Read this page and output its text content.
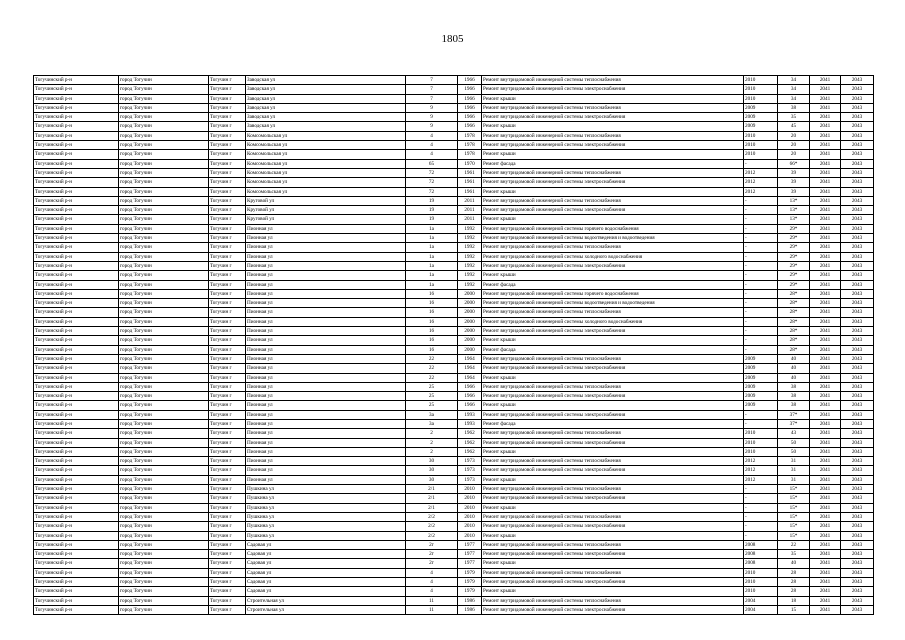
1805
Тогучинский р-н	город Тогучин	Тогучин г	Заводская ул	7	1966	Ремонт внутридомовой инженерной системы теплоснабжения	2010	34	2041	2043
Тогучинский р-н	город Тогучин	Тогучин г	Заводская ул	7	1966	Ремонт внутридомовой инженерной системы электроснабжения	2010	34	2041	2043
Тогучинский р-н	город Тогучин	Тогучин г	Заводская ул	7	1966	Ремонт крыши	2010	34	2041	2043
Тогучинский р-н	город Тогучин	Тогучин г	Заводская ул	9	1966	Ремонт внутридомовой инженерной системы теплоснабжения	2009	38	2041	2043
Тогучинский р-н	город Тогучин	Тогучин г	Заводская ул	9	1966	Ремонт внутридомовой инженерной системы электроснабжения	2009	35	2041	2043
Тогучинский р-н	город Тогучин	Тогучин г	Заводская ул	9	1966	Ремонт крыши	2009	45	2041	2043
Тогучинский р-н	город Тогучин	Тогучин г	Комсомольская ул	4	1978	Ремонт внутридомовой инженерной системы теплоснабжения	2010	20	2041	2043
Тогучинский р-н	город Тогучин	Тогучин г	Комсомольская ул	4	1978	Ремонт внутридомовой инженерной системы электроснабжения	2010	20	2041	2043
Тогучинский р-н	город Тогучин	Тогучин г	Комсомольская ул	4	1978	Ремонт крыши	2010	20	2041	2043
Тогучинский р-н	город Тогучин	Тогучин г	Комсомольская ул	65	1970	Ремонт фасада	-	66*	2041	2043
Тогучинский р-н	город Тогучин	Тогучин г	Комсомольская ул	72	1961	Ремонт внутридомовой инженерной системы теплоснабжения	2012	39	2041	2043
Тогучинский р-н	город Тогучин	Тогучин г	Комсомольская ул	72	1961	Ремонт внутридомовой инженерной системы электроснабжения	2012	39	2041	2043
Тогучинский р-н	город Тогучин	Тогучин г	Комсомольская ул	72	1961	Ремонт крыши	2012	39	2041	2043
Тогучинский р-н	город Тогучин	Тогучин г	Круговой ул	19	2011	Ремонт внутридомовой инженерной системы теплоснабжения	-	13*	2041	2043
Тогучинский р-н	город Тогучин	Тогучин г	Круговой ул	19	2011	Ремонт внутридомовой инженерной системы электроснабжения	-	13*	2041	2043
Тогучинский р-н	город Тогучин	Тогучин г	Круговой ул	19	2011	Ремонт крыши	-	13*	2041	2043
Тогучинский р-н	город Тогучин	Тогучин г	Пионная ул	1а	1992	Ремонт внутридомовой инженерной системы горячего водоснабжения	-	29*	2041	2043
Тогучинский р-н	город Тогучин	Тогучин г	Пионная ул	1а	1992	Ремонт внутридомовой инженерной системы водоотведения и водоотведения	-	29*	2041	2043
Тогучинский р-н	город Тогучин	Тогучин г	Пионная ул	1а	1992	Ремонт внутридомовой инженерной системы теплоснабжения	-	29*	2041	2043
Тогучинский р-н	город Тогучин	Тогучин г	Пионная ул	1а	1992	Ремонт внутридомовой инженерной системы холодного водоснабжения	-	29*	2041	2043
Тогучинский р-н	город Тогучин	Тогучин г	Пионная ул	1а	1992	Ремонт внутридомовой инженерной системы электроснабжения	-	29*	2041	2043
Тогучинский р-н	город Тогучин	Тогучин г	Пионная ул	1а	1992	Ремонт крыши	-	29*	2041	2043
Тогучинский р-н	город Тогучин	Тогучин г	Пионная ул	1а	1992	Ремонт фасада	-	29*	2041	2043
Тогучинский р-н	город Тогучин	Тогучин г	Пионная ул	16	2000	Ремонт внутридомовой инженерной системы горячего водоснабжения	-	28*	2041	2043
Тогучинский р-н	город Тогучин	Тогучин г	Пионная ул	16	2000	Ремонт внутридомовой инженерной системы водоотведения и водоотведения	-	28*	2041	2043
Тогучинский р-н	город Тогучин	Тогучин г	Пионная ул	16	2000	Ремонт внутридомовой инженерной системы теплоснабжения	-	28*	2041	2043
Тогучинский р-н	город Тогучин	Тогучин г	Пионная ул	16	2000	Ремонт внутридомовой инженерной системы холодного водоснабжения	-	28*	2041	2043
Тогучинский р-н	город Тогучин	Тогучин г	Пионная ул	16	2000	Ремонт внутридомовой инженерной системы электроснабжения	-	28*	2041	2043
Тогучинский р-н	город Тогучин	Тогучин г	Пионная ул	16	2000	Ремонт крыши	-	28*	2041	2043
Тогучинский р-н	город Тогучин	Тогучин г	Пионная ул	16	2000	Ремонт фасада	-	28*	2041	2043
Тогучинский р-н	город Тогучин	Тогучин г	Пионная ул	22	1964	Ремонт внутридомовой инженерной системы теплоснабжения	2009	40	2041	2043
Тогучинский р-н	город Тогучин	Тогучин г	Пионная ул	22	1964	Ремонт внутридомовой инженерной системы электроснабжения	2009	40	2041	2043
Тогучинский р-н	город Тогучин	Тогучин г	Пионная ул	22	1964	Ремонт крыши	2009	40	2041	2043
Тогучинский р-н	город Тогучин	Тогучин г	Пионная ул	25	1966	Ремонт внутридомовой инженерной системы теплоснабжения	2009	38	2041	2043
Тогучинский р-н	город Тогучин	Тогучин г	Пионная ул	25	1966	Ремонт внутридомовой инженерной системы электроснабжения	2009	38	2041	2043
Тогучинский р-н	город Тогучин	Тогучин г	Пионная ул	25	1966	Ремонт крыши	2009	38	2041	2043
Тогучинский р-н	город Тогучин	Тогучин г	Пионная ул	3а	1993	Ремонт внутридомовой инженерной системы электроснабжения	-	37*	2041	2043
Тогучинский р-н	город Тогучин	Тогучин г	Пионная ул	3а	1993	Ремонт фасада	-	37*	2041	2043
Тогучинский р-н	город Тогучин	Тогучин г	Пионная ул	2	1962	Ремонт внутридомовой инженерной системы теплоснабжения	2010	43	2041	2043
Тогучинский р-н	город Тогучин	Тогучин г	Пионная ул	2	1962	Ремонт внутридомовой инженерной системы электроснабжения	2010	50	2041	2043
Тогучинский р-н	город Тогучин	Тогучин г	Пионная ул	2	1962	Ремонт крыши	2010	50	2041	2043
Тогучинский р-н	город Тогучин	Тогучин г	Пионная ул	30	1973	Ремонт внутридомовой инженерной системы теплоснабжения	2012	31	2041	2043
Тогучинский р-н	город Тогучин	Тогучин г	Пионная ул	30	1973	Ремонт внутридомовой инженерной системы электроснабжения	2012	31	2041	2043
Тогучинский р-н	город Тогучин	Тогучин г	Пионная ул	30	1973	Ремонт крыши	2012	31	2041	2043
Тогучинский р-н	город Тогучин	Тогучин г	Пушкина ул	2/1	2010	Ремонт внутридомовой инженерной системы теплоснабжения	-	15*	2041	2043
Тогучинский р-н	город Тогучин	Тогучин г	Пушкина ул	2/1	2010	Ремонт внутридомовой инженерной системы электроснабжения	-	15*	2041	2043
Тогучинский р-н	город Тогучин	Тогучин г	Пушкина ул	2/1	2010	Ремонт крыши	-	15*	2041	2043
Тогучинский р-н	город Тогучин	Тогучин г	Пушкина ул	2/2	2010	Ремонт внутридомовой инженерной системы теплоснабжения	-	15*	2041	2043
Тогучинский р-н	город Тогучин	Тогучин г	Пушкина ул	2/2	2010	Ремонт внутридомовой инженерной системы электроснабжения	-	15*	2041	2043
Тогучинский р-н	город Тогучин	Тогучин г	Пушкина ул	2/2	2010	Ремонт крыши	-	15*	2041	2043
Тогучинский р-н	город Тогучин	Тогучин г	Садовая ул	2г	1977	Ремонт внутридомовой инженерной системы теплоснабжения	2008	22	2041	2043
Тогучинский р-н	город Тогучин	Тогучин г	Садовая ул	2г	1977	Ремонт внутридомовой инженерной системы электроснабжения	2008	35	2041	2043
Тогучинский р-н	город Тогучин	Тогучин г	Садовая ул	2г	1977	Ремонт крыши	2008	40	2041	2043
Тогучинский р-н	город Тогучин	Тогучин г	Садовая ул	4	1979	Ремонт внутридомовой инженерной системы теплоснабжения	2010	28	2041	2043
Тогучинский р-н	город Тогучин	Тогучин г	Садовая ул	4	1979	Ремонт внутридомовой инженерной системы электроснабжения	2010	28	2041	2043
Тогучинский р-н	город Тогучин	Тогучин г	Садовая ул	4	1979	Ремонт крыши	2010	28	2041	2043
Тогучинский р-н	город Тогучин	Тогучин г	Строительная ул	11	1986	Ремонт внутридомовой инженерной системы теплоснабжения	2004	18	2041	2043
Тогучинский р-н	город Тогучин	Тогучин г	Строительная ул	11	1986	Ремонт внутридомовой инженерной системы электроснабжения	2004	15	2041	2043
